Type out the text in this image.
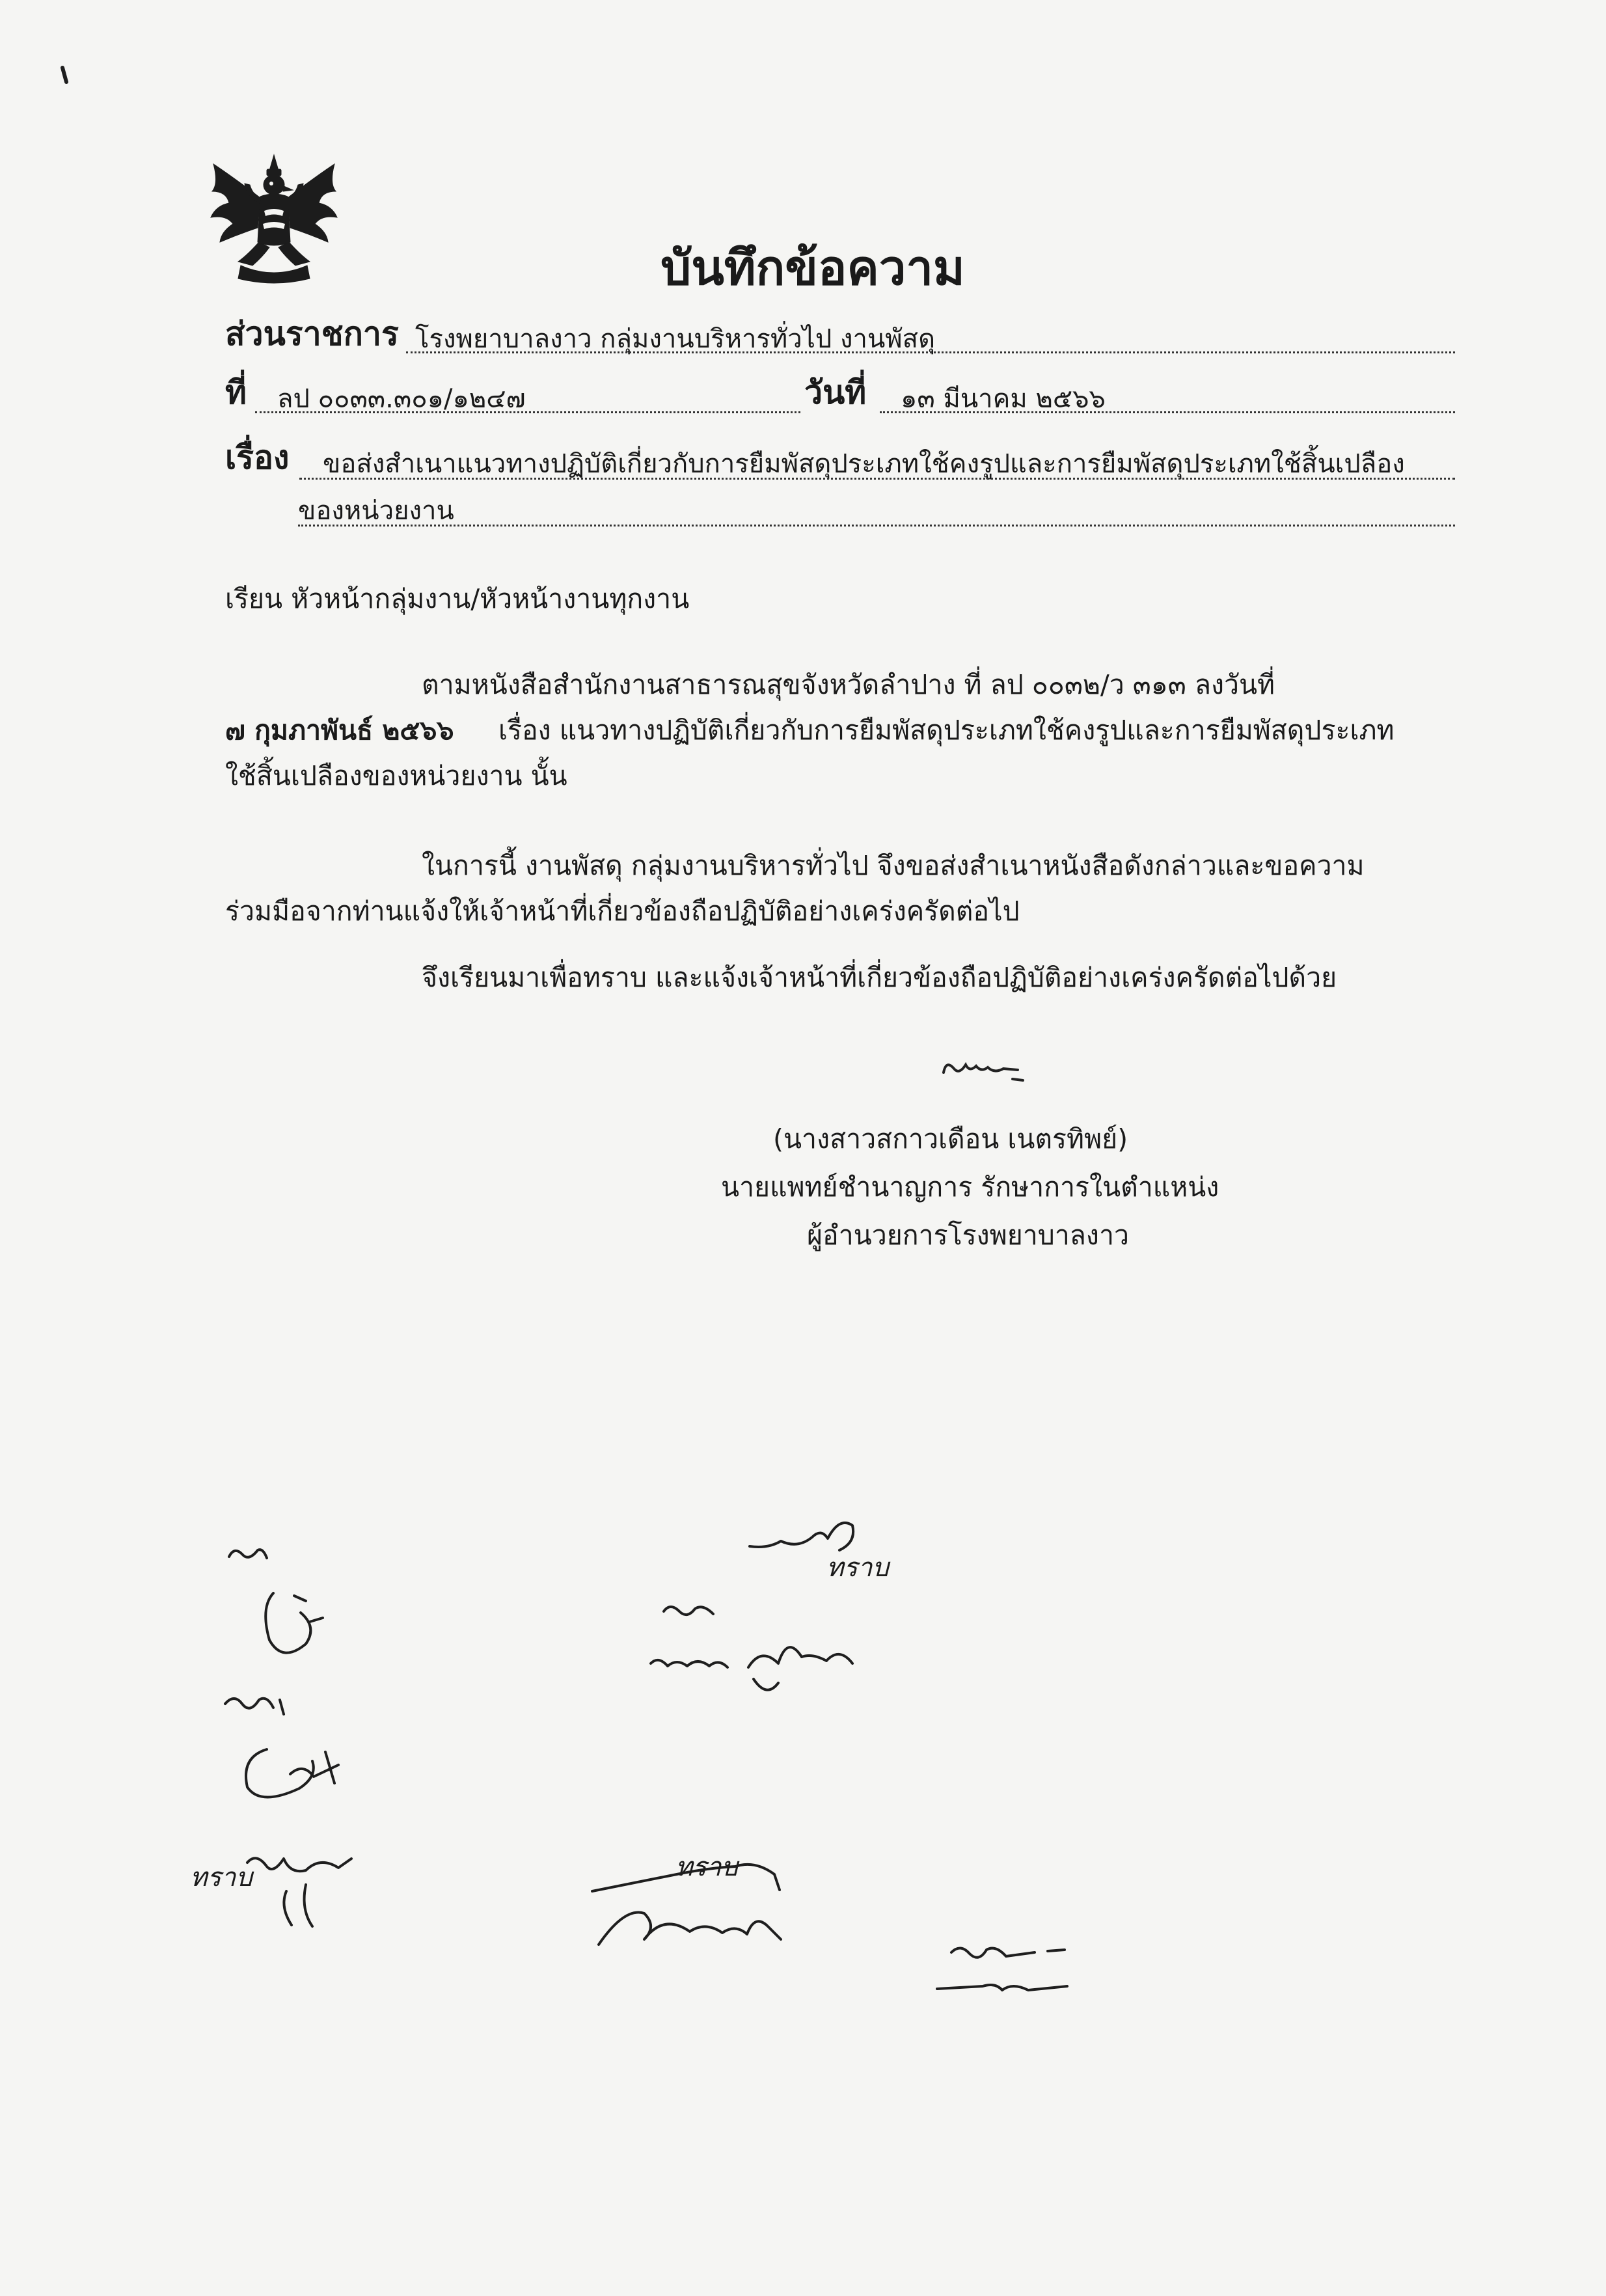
บันทึกข้อความ
ส่วนราชการ โรงพยาบาลงาว กลุ่มงานบริหารทั่วไป งานพัสดุ
ที่ ลป ๐๐๓๓.๓๐๑/๑๒๔๗	วันที่ ๑๓ มีนาคม ๒๕๖๖
เรื่อง ขอส่งสำเนาแนวทางปฏิบัติเกี่ยวกับการยืมพัสดุประเภทใช้คงรูปและการยืมพัสดุประเภทใช้สิ้นเปลือง
ของหน่วยงาน
เรียน หัวหน้ากลุ่มงาน/หัวหน้างานทุกงาน
ตามหนังสือสำนักงานสาธารณสุขจังหวัดลำปาง ที่ ลป ๐๐๓๒/ว ๓๑๓ ลงวันที่
๗ กุมภาพันธ์ ๒๕๖๖ เรื่อง แนวทางปฏิบัติเกี่ยวกับการยืมพัสดุประเภทใช้คงรูปและการยืมพัสดุประเภท
ใช้สิ้นเปลืองของหน่วยงาน นั้น
ในการนี้ งานพัสดุ กลุ่มงานบริหารทั่วไป จึงขอส่งสำเนาหนังสือดังกล่าวและขอความ
ร่วมมือจากท่านแจ้งให้เจ้าหน้าที่เกี่ยวข้องถือปฏิบัติอย่างเคร่งครัดต่อไป
จึงเรียนมาเพื่อทราบ และแจ้งเจ้าหน้าที่เกี่ยวข้องถือปฏิบัติอย่างเคร่งครัดต่อไปด้วย
(นางสาวสกาวเดือน เนตรทิพย์)
นายแพทย์ชำนาญการ รักษาการในตำแหน่ง
ผู้อำนวยการโรงพยาบาลงาว
ทราบ
ทราบ	ทราบ
